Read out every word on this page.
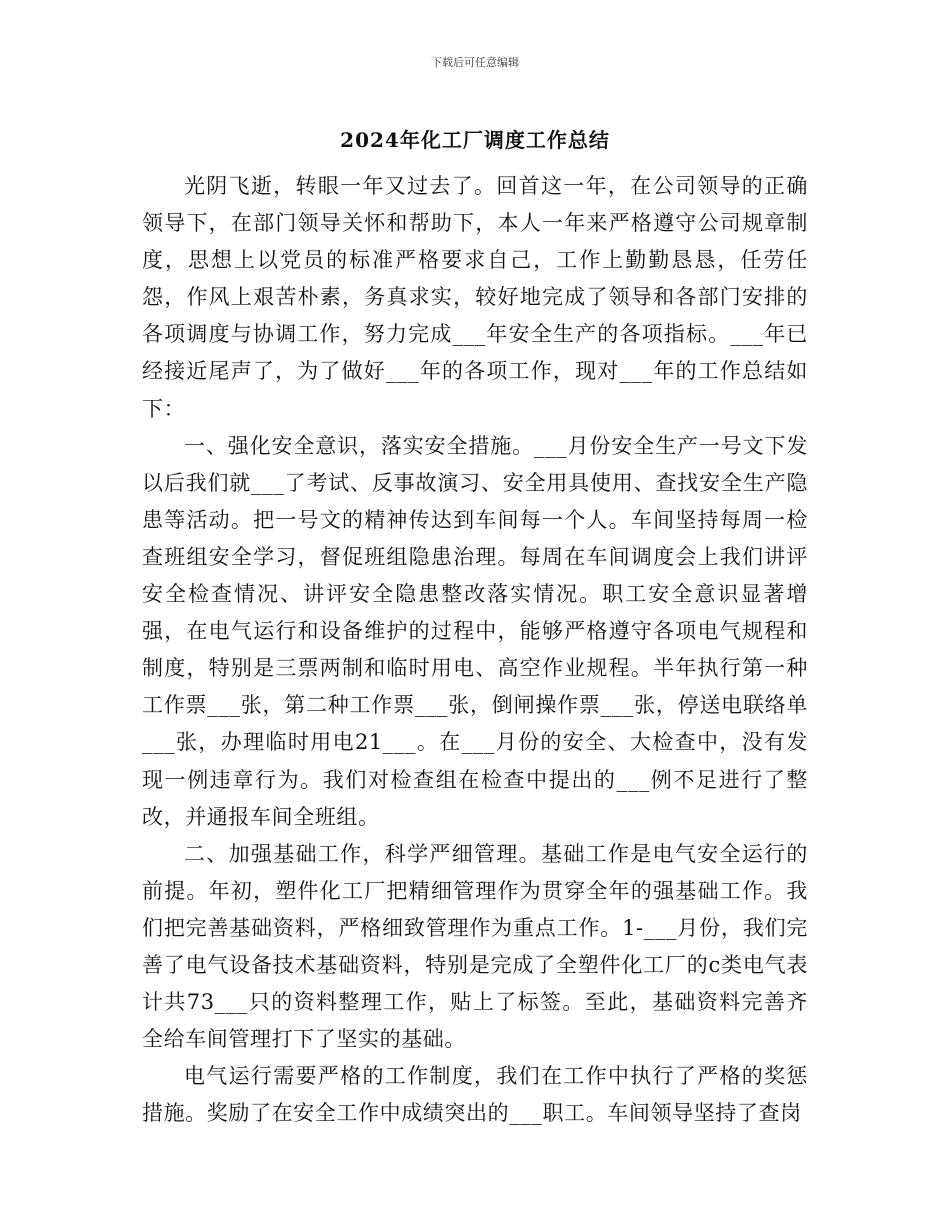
下载后可任意编辑
2024年化工厂调度工作总结

光阴飞逝，转眼一年又过去了。回首这一年，在公司领导的正确领导下，在部门领导关怀和帮助下，本人一年来严格遵守公司规章制度，思想上以党员的标准严格要求自己，工作上勤勤恳恳，任劳任怨，作风上艰苦朴素，务真求实，较好地完成了领导和各部门安排的各项调度与协调工作，努力完成___年安全生产的各项指标。___年已经接近尾声了，为了做好___年的各项工作，现对___年的工作总结如下：

一、强化安全意识，落实安全措施。___月份安全生产一号文下发以后我们就___了考试、反事故演习、安全用具使用、查找安全生产隐患等活动。把一号文的精神传达到车间每一个人。车间坚持每周一检查班组安全学习，督促班组隐患治理。每周在车间调度会上我们讲评安全检查情况、讲评安全隐患整改落实情况。职工安全意识显著增强，在电气运行和设备维护的过程中，能够严格遵守各项电气规程和制度，特别是三票两制和临时用电、高空作业规程。半年执行第一种工作票___张，第二种工作票___张，倒闸操作票___张，停送电联络单___张，办理临时用电21___。在___月份的安全、大检查中，没有发现一例违章行为。我们对检查组在检查中提出的___例不足进行了整改，并通报车间全班组。

二、加强基础工作，科学严细管理。基础工作是电气安全运行的前提。年初，塑件化工厂把精细管理作为贯穿全年的强基础工作。我们把完善基础资料，严格细致管理作为重点工作。1-___月份，我们完善了电气设备技术基础资料，特别是完成了全塑件化工厂的c类电气表计共73___只的资料整理工作，贴上了标签。至此，基础资料完善齐全给车间管理打下了坚实的基础。

电气运行需要严格的工作制度，我们在工作中执行了严格的奖惩措施。奖励了在安全工作中成绩突出的___职工。车间领导坚持了查岗
